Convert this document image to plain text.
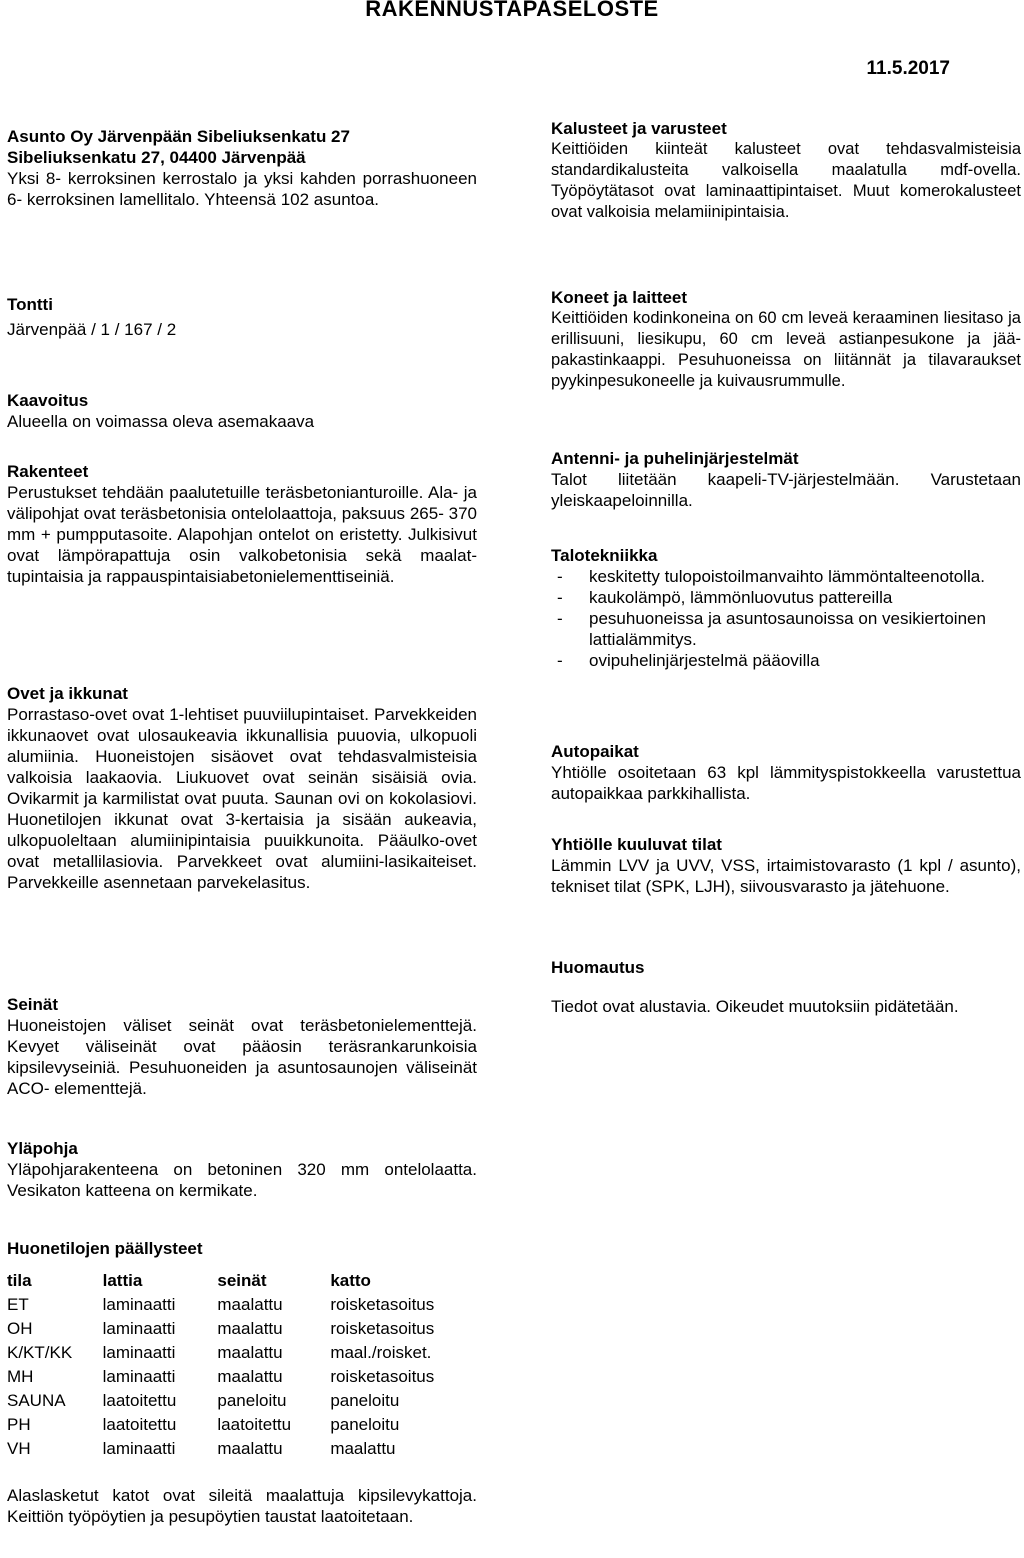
RAKENNUSTAPASELOSTE
11.5.2017
Asunto Oy Järvenpään Sibeliuksenkatu 27
Sibeliuksenkatu 27, 04400 Järvenpää
Yksi 8- kerroksinen kerrostalo ja yksi kahden porrashuoneen 6- kerroksinen lamellitalo. Yhteensä 102 asuntoa.
Tontti
Järvenpää / 1 / 167 / 2
Kaavoitus
Alueella on voimassa oleva asemakaava
Rakenteet
Perustukset tehdään paalutetuille teräsbetonianturoille. Ala- ja välipohjat ovat teräsbetonisia ontelolaattoja, paksuus 265- 370 mm + pumpputasoite. Alapohjan ontelot on eristetty. Julkisivut ovat lämpörapattuja osin valkobetonisia sekä maalattupintaisia ja rappauspintaisiabetonielementtiseiniä.
Ovet ja ikkunat
Porrastaso-ovet ovat 1-lehtiset puuviilupintaiset. Parvekkeiden ikkunaovet ovat ulosaukeavia ikkunallisia puuovia, ulkopuoli alumiinia. Huoneistojen sisäovet ovat tehdasvalmisteisia valkoisia laakaovia. Liukuovet ovat seinän sisäisiä ovia. Ovikarmit ja karmilistat ovat puuta. Saunan ovi on kokolasiovi. Huonetilojen ikkunat ovat 3-kertaisia ja sisään aukeavia, ulkopuoleltaan alumiinipintaisia puuikkunoita. Pääulko-ovet ovat metallilasiovia. Parvekkeet ovat alumiini-lasikaiteiset. Parvekkeille asennetaan parvekelasitus.
Seinät
Huoneistojen väliset seinät ovat teräsbetonielementtejä. Kevyet väliseinät ovat pääosin teräsrankarunkoisia kipsilevyseiniä. Pesuhuoneiden ja asuntosaunojen väliseinät ACO- elementtejä.
Yläpohja
Yläpohjarakenteena on betoninen 320 mm ontelolaatta. Vesikaton katteena on kermikate.
Huonetilojen päällysteet
tila	lattia	seinät	katto
ET	laminaatti	maalattu	roisketasoitus
OH	laminaatti	maalattu	roisketasoitus
K/KT/KK	laminaatti	maalattu	maal./roisket.
MH	laminaatti	maalattu	roisketasoitus
SAUNA	laatoitettu	paneloitu	paneloitu
PH	laatoitettu	laatoitettu	paneloitu
VH	laminaatti	maalattu	maalattu
Alaslasketut katot ovat sileitä maalattuja kipsilevykattoja. Keittiön työpöytien ja pesupöytien taustat laatoitetaan.
Kalusteet ja varusteet
Keittiöiden kiinteät kalusteet ovat tehdasvalmisteisia standardikalusteita valkoisella maalatulla mdf-ovella. Työpöytätasot ovat laminaattipintaiset. Muut komerokalusteet ovat valkoisia melamiinipintaisia.
Koneet ja laitteet
Keittiöiden kodinkoneina on 60 cm leveä keraaminen liesitaso ja erillisuuni, liesikupu, 60 cm leveä astianpesukone ja jää-pakastinkaappi. Pesuhuoneissa on liitännät ja tilavaraukset pyykinpesukoneelle ja kuivausrummulle.
Antenni- ja puhelinjärjestelmät
Talot liitetään kaapeli-TV-järjestelmään. Varustetaan yleiskaapeloinnilla.
Talotekniikka
- keskitetty tulopoistoilmanvaihto lämmöntalteenotolla.
- kaukolämpö, lämmönluovutus pattereilla
- pesuhuoneissa ja asuntosaunoissa on vesikiertoinen lattialämmitys.
- ovipuhelinjärjestelmä pääovilla
Autopaikat
Yhtiölle osoitetaan 63 kpl lämmityspistokkeella varustettua autopaikkaa parkkihallista.
Yhtiölle kuuluvat tilat
Lämmin LVV ja UVV, VSS, irtaimistovarasto (1 kpl / asunto), tekniset tilat (SPK, LJH), siivousvarasto ja jätehuone.
Huomautus
Tiedot ovat alustavia. Oikeudet muutoksiin pidätetään.
